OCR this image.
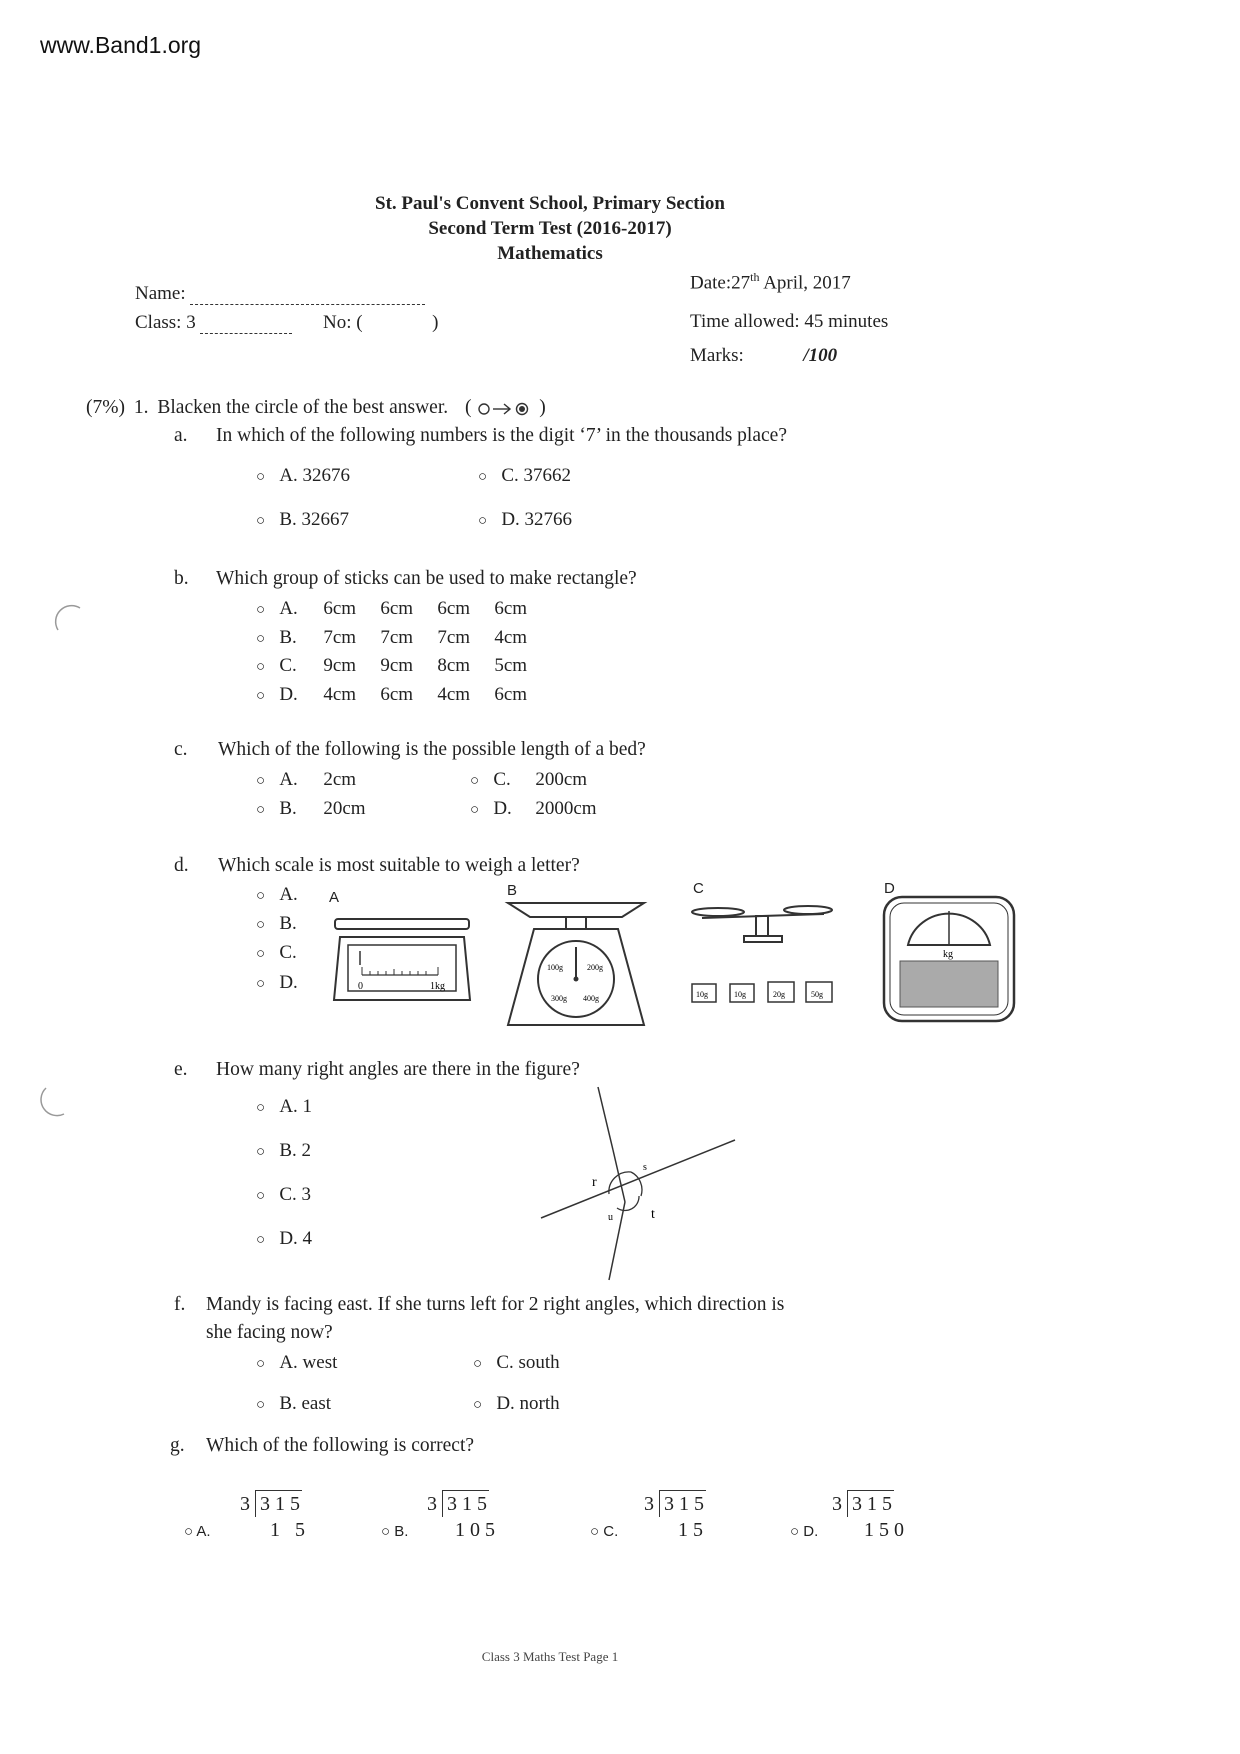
www.Band1.org
St. Paul's Convent School, Primary Section
Second Term Test (2016-2017)
Mathematics
Name:
Class: 3	No: (	)
Date:27th April, 2017
Time allowed: 45 minutes
Marks:	/100
(7%) 1. Blacken the circle of the best answer. (	)
a. In which of the following numbers is the digit ‘7’ in the thousands place?
○ A. 32676
○ B. 32667
○ C. 37662
○ D. 32766
b. Which group of sticks can be used to make rectangle?
○ A. 6cm 6cm 6cm 6cm
○ B. 7cm 7cm 7cm 4cm
○ C. 9cm 9cm 8cm 5cm
○ D. 4cm 6cm 4cm 6cm
c. Which of the following is the possible length of a bed?
○ A. 2cm
○ B. 20cm
○ C. 200cm
○ D. 2000cm
d. Which scale is most suitable to weigh a letter?
○ A.
○ B.
○ C.
○ D.
A	B	C	D
0	1kg
100g	200g
300g 400g	10g	10g	20g	50g
kg
e. How many right angles are there in the figure?
○ A. 1
○ B. 2
○ C. 3
○ D. 4
r
s
u	t
f. Mandy is facing east. If she turns left for 2 right angles, which direction is
she facing now?
○ A. west
○ B. east
○ C. south
○ D. north
g. Which of the following is correct?
○ A.
3 3 1 5
1   5	○ B.
3 3 1 5
1 0 5	○ C.
3 3 1 5
1 5	○ D.
3 3 1 5
1 5 0
Class 3 Maths Test Page 1
